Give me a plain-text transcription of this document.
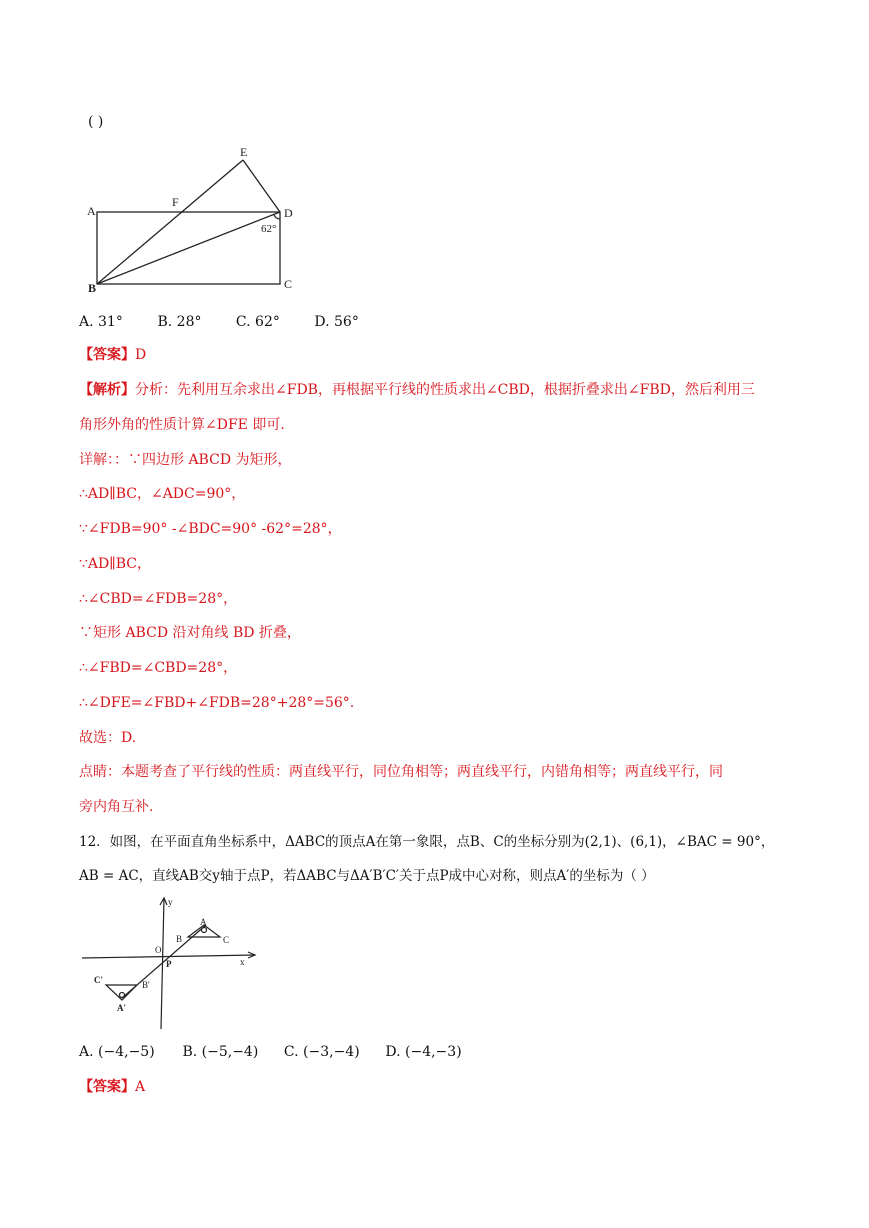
( )
A
B	C
D
E
F
62°
A. 31° B. 28° C. 62° D. 56°
【答案】D
【解析】分析：先利用互余求出∠FDB，再根据平行线的性质求出∠CBD，根据折叠求出∠FBD，然后利用三
角形外角的性质计算∠DFE 即可.
详解：：∵四边形 ABCD 为矩形，
∴AD∥BC，∠ADC=90°，
∵∠FDB=90° -∠BDC=90° -62°=28°，
∵AD∥BC，
∴∠CBD=∠FDB=28°，
∵矩形 ABCD 沿对角线 BD 折叠，
∴∠FBD=∠CBD=28°，
∴∠DFE=∠FBD+∠FDB=28°+28°=56°.
故选：D.
点睛：本题考查了平行线的性质：两直线平行，同位角相等；两直线平行，内错角相等；两直线平行，同
旁内角互补.
12．如图，在平面直角坐标系中，ΔABC的顶点A在第一象限，点B、C的坐标分别为(2,1)、(6,1)，∠BAC = 90°，
AB = AC，直线AB交y轴于点P，若ΔABC与ΔA′B′C′关于点P成中心对称，则点A′的坐标为（ ）
y
x
O
P
A
B	C
A'
B'
C'
A. (−4,−5) B. (−5,−4) C. (−3,−4) D. (−4,−3)
【答案】A
